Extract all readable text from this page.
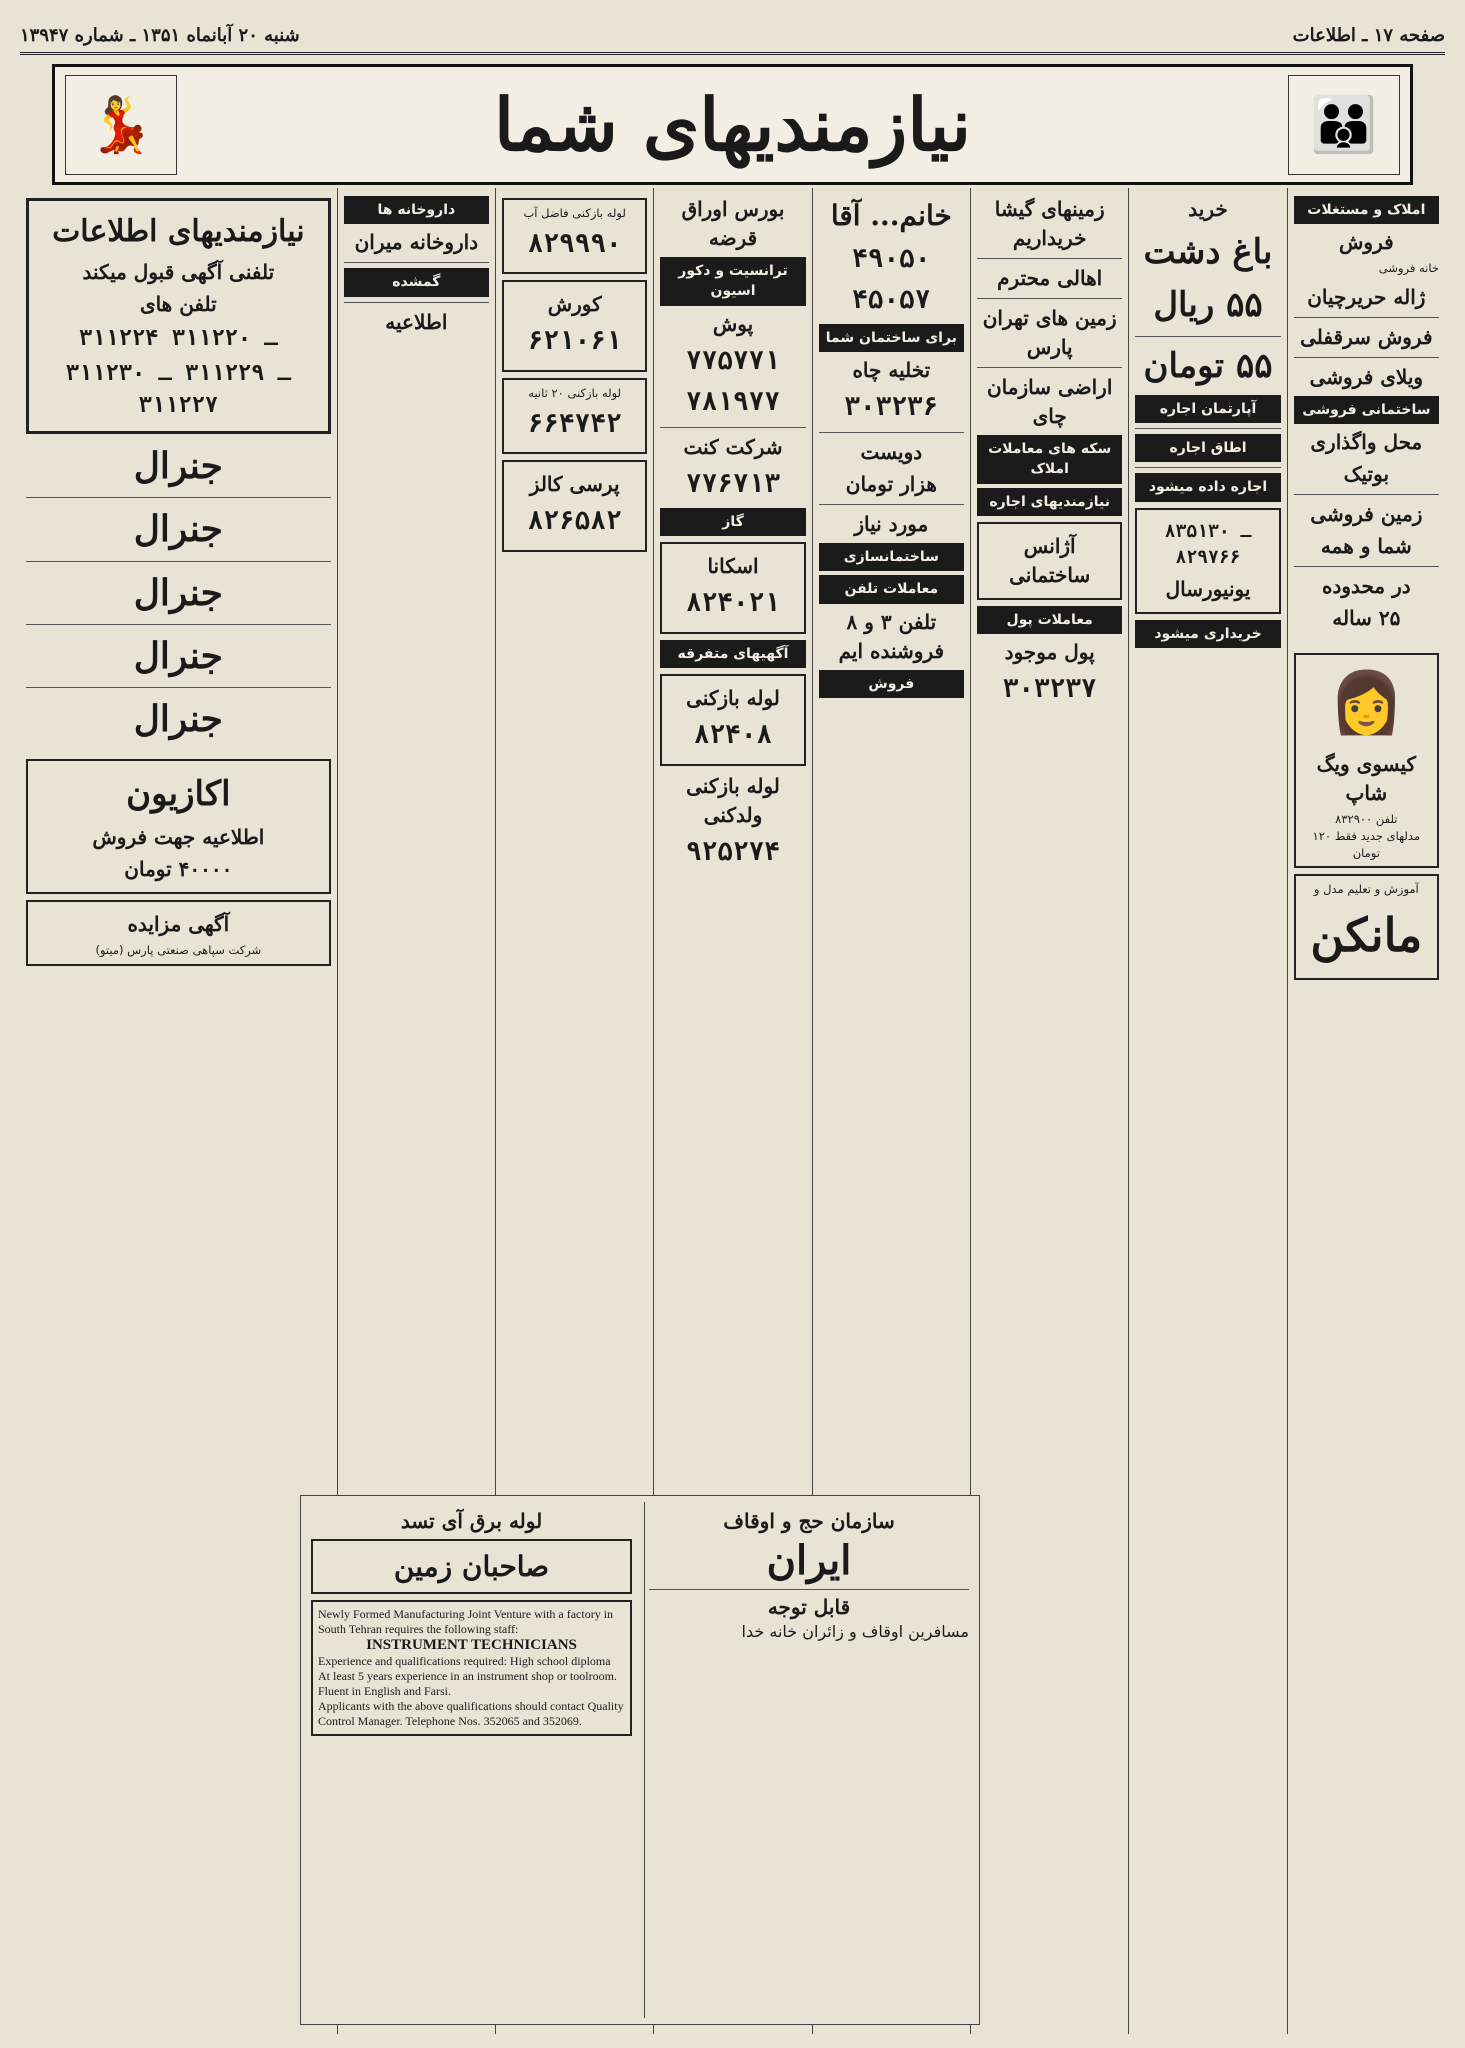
صفحه ۱۷ ـ اطلاعات
شنبه ۲۰ آبانماه ۱۳۵۱ ـ شماره ۱۳۹۴۷
👪
نیازمندیهای شما
💃
املاک و مستغلات
فروش
خانه فروشی
ژاله حریرچیان
فروش سرقفلی
ویلای فروشی
ساختمانی فروشی
محل واگذاری
بوتیک
زمین فروشی
شما و همه
در محدوده
۲۵ ساله
👩
کیسوی ویگ شاپ
تلفن ۸۳۲۹۰۰
مدلهای جدید فقط ۱۲۰ تومان
آموزش و تعلیم مدل و
مانکن
خرید
باغ دشت
۵۵ ریال
۵۵ تومان
آپارتمان اجاره
اطاق اجاره
اجاره داده میشود
۸۳۵۱۳۰ ـ ۸۲۹۷۶۶
یونیورسال
خریداری میشود
زمینهای گیشا خریداریم
اهالی محترم
زمین های تهران پارس
اراضی سازمان چای
سکه های معاملات املاک
نیازمندیهای اجاره
آژانس ساختمانی
معاملات پول
پول موجود
۳۰۳۲۳۷
خانم... آقا
۴۹۰۵۰
۴۵۰۵۷
برای ساختمان شما
تخلیه چاه
۳۰۳۲۳۶
دویست
هزار تومان
مورد نیاز
ساختمانسازی
معاملات تلفن
تلفن ۳ و ۸ فروشنده ایم
فروش
بورس اوراق قرضه
ترانسیت و دکور اسیون
پوش
۷۷۵۷۷۱
۷۸۱۹۷۷
شرکت کنت
۷۷۶۷۱۳
گاز
اسکانا
۸۲۴۰۲۱
آگهیهای متفرقه
لوله بازکنی
۸۲۴۰۸
لوله بازکنی ولدکنی
۹۲۵۲۷۴
لوله بازکنی فاضل آب
۸۲۹۹۹۰
کورش
۶۲۱۰۶۱
لوله بازکنی ۲۰ ثانیه
۶۶۴۷۴۲
پرسی کالز
۸۲۶۵۸۲
داروخانه ها
داروخانه میران
گمشده
اطلاعیه
نیازمندیهای اطلاعات
تلفنی آگهی قبول میکند
تلفن های
۳۱۱۲۲۴ ـ ۳۱۱۲۲۰
۳۱۱۲۳۰ ـ ۳۱۱۲۲۹ ـ ۳۱۱۲۲۷
جنرال
جنرال
جنرال
جنرال
جنرال
اکازیون
اطلاعیه جهت فروش
۴۰۰۰۰ تومان
آگهی مزایده
شرکت سپاهی صنعتی پارس (میتو)
سازمان حج و اوقاف
ایران
قابل توجه
مسافرین اوقاف و زائران خانه خدا
لوله برق آی تسد
صاحبان زمین
Newly Formed Manufacturing Joint Venture with a factory in South Tehran requires the following staff:
INSTRUMENT TECHNICIANS
Experience and qualifications required: High school diploma
At least 5 years experience in an instrument shop or toolroom.
Fluent in English and Farsi.
Applicants with the above qualifications should contact Quality Control Manager. Telephone Nos. 352065 and 352069.
